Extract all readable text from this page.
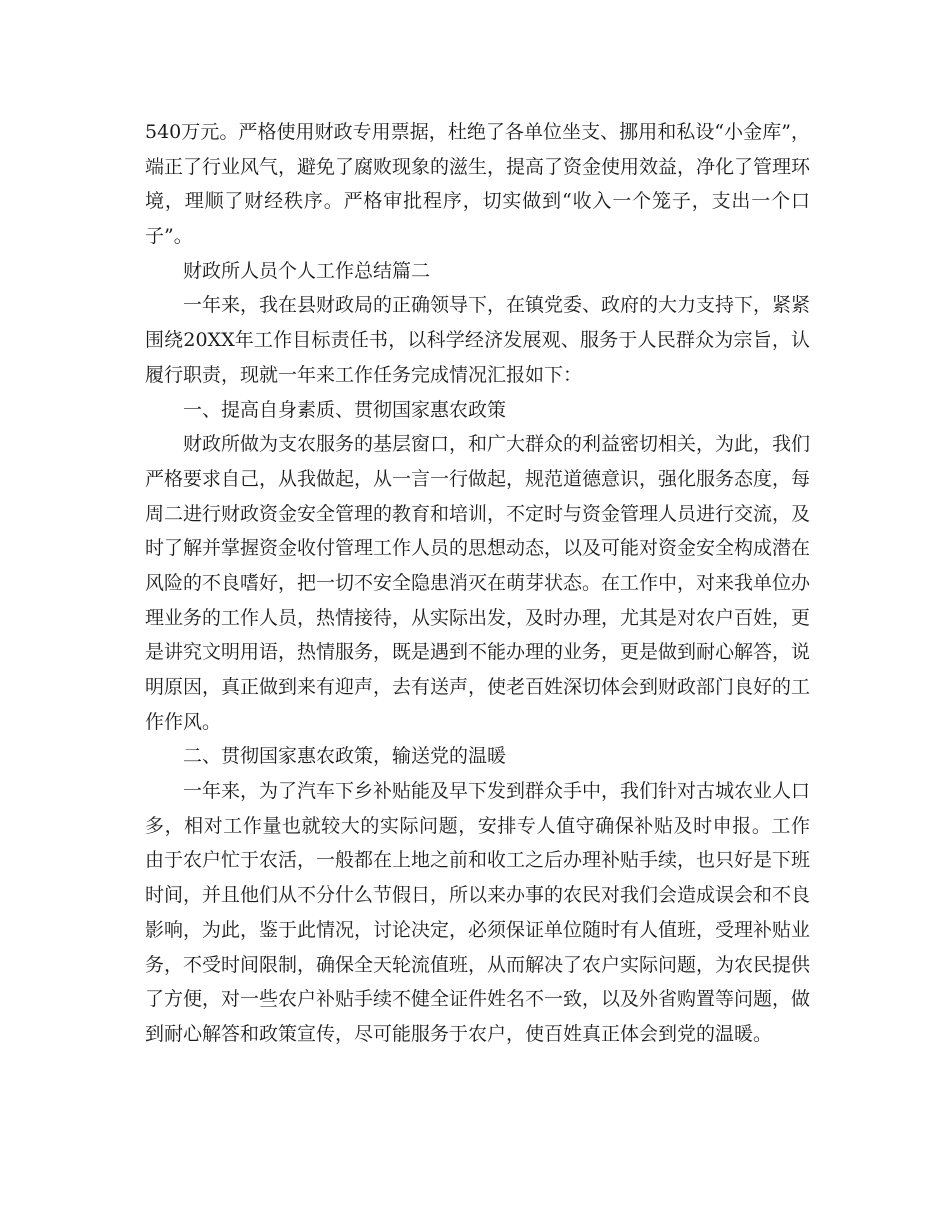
540万元。严格使用财政专用票据，杜绝了各单位坐支、挪用和私设“小金库”，
端正了行业风气，避免了腐败现象的滋生，提高了资金使用效益，净化了管理环
境，理顺了财经秩序。严格审批程序，切实做到“收入一个笼子，支出一个口
子”。
财政所人员个人工作总结篇二
一年来，我在县财政局的正确领导下，在镇党委、政府的大力支持下，紧紧
围绕20XX年工作目标责任书，以科学经济发展观、服务于人民群众为宗旨，认
履行职责，现就一年来工作任务完成情况汇报如下：
一、提高自身素质、贯彻国家惠农政策
财政所做为支农服务的基层窗口，和广大群众的利益密切相关，为此，我们
严格要求自己，从我做起，从一言一行做起，规范道德意识，强化服务态度，每
周二进行财政资金安全管理的教育和培训，不定时与资金管理人员进行交流，及
时了解并掌握资金收付管理工作人员的思想动态，以及可能对资金安全构成潜在
风险的不良嗜好，把一切不安全隐患消灭在萌芽状态。在工作中，对来我单位办
理业务的工作人员，热情接待，从实际出发，及时办理，尤其是对农户百姓，更
是讲究文明用语，热情服务，既是遇到不能办理的业务，更是做到耐心解答，说
明原因，真正做到来有迎声，去有送声，使老百姓深切体会到财政部门良好的工
作作风。
二、贯彻国家惠农政策，输送党的温暖
一年来，为了汽车下乡补贴能及早下发到群众手中，我们针对古城农业人口
多，相对工作量也就较大的实际问题，安排专人值守确保补贴及时申报。工作
由于农户忙于农活，一般都在上地之前和收工之后办理补贴手续，也只好是下班
时间，并且他们从不分什么节假日，所以来办事的农民对我们会造成误会和不良
影响，为此，鉴于此情况，讨论决定，必须保证单位随时有人值班，受理补贴业
务，不受时间限制，确保全天轮流值班，从而解决了农户实际问题，为农民提供
了方便，对一些农户补贴手续不健全证件姓名不一致，以及外省购置等问题，做
到耐心解答和政策宣传，尽可能服务于农户，使百姓真正体会到党的温暖。
